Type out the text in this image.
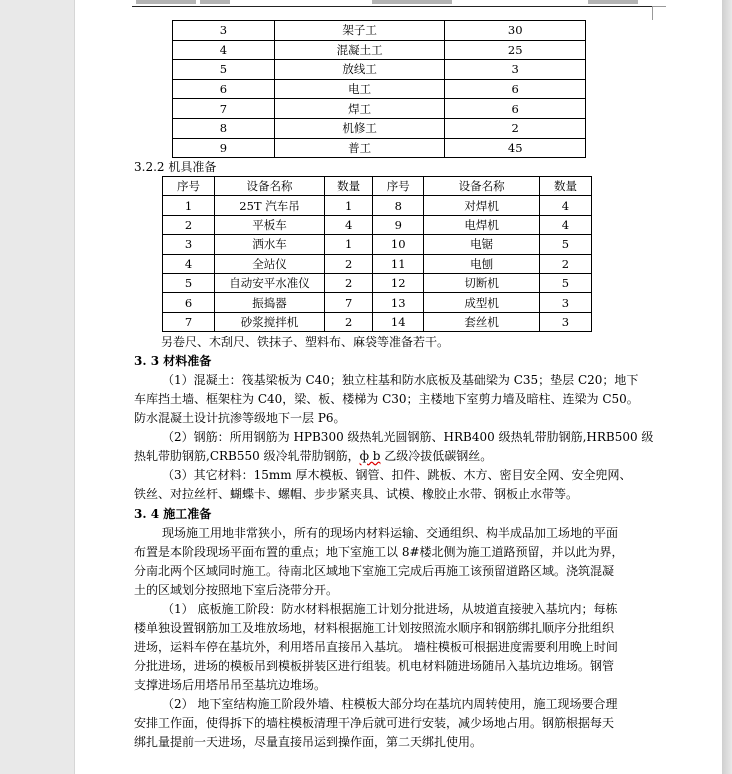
3	架子工	30
4	混凝土工	25
5	放线工	3
6	电工	6
7	焊工	6
8	机修工	2
9	普工	45
3.2.2 机具准备
序号	设备名称	数量	序号	设备名称	数量
1	25T 汽车吊	1	8	对焊机	4
2	平板车	4	9	电焊机	4
3	洒水车	1	10	电锯	5
4	全站仪	2	11	电刨	2
5	自动安平水准仪	2	12	切断机	5
6	振捣器	7	13	成型机	3
7	砂浆搅拌机	2	14	套丝机	3
另卷尺、木刮尺、铁抹子、塑料布、麻袋等准备若干。
3. 3 材料准备
（1）混凝土：筏基梁板为 C40；独立柱基和防水底板及基础梁为 C35；垫层 C20；地下
车库挡土墙、框架柱为 C40，梁、板、楼梯为 C30；主楼地下室剪力墙及暗柱、连梁为 C50。
防水混凝土设计抗渗等级地下一层 P6。
（2）钢筋：所用钢筋为 HPB300 级热轧光圆钢筋、HRB400 级热轧带肋钢筋,HRB500 级
热轧带肋钢筋,CRB550 级冷轧带肋钢筋，ф b 乙级冷拔低碳钢丝。
（3）其它材料：15mm 厚木模板、钢管、扣件、跳板、木方、密目安全网、安全兜网、
铁丝、对拉丝杆、蝴蝶卡、螺帽、步步紧夹具、试模、橡胶止水带、钢板止水带等。
3. 4 施工准备
现场施工用地非常狭小，所有的现场内材料运输、交通组织、构半成品加工场地的平面
布置是本阶段现场平面布置的重点；地下室施工以 8#楼北侧为施工道路预留，并以此为界，
分南北两个区域同时施工。待南北区域地下室施工完成后再施工该预留道路区域。浇筑混凝
土的区域划分按照地下室后浇带分开。
（1） 底板施工阶段：防水材料根据施工计划分批进场，从坡道直接驶入基坑内；每栋
楼单独设置钢筋加工及堆放场地，材料根据施工计划按照流水顺序和钢筋绑扎顺序分批组织
进场，运料车停在基坑外，利用塔吊直接吊入基坑。 墙柱模板可根据进度需要利用晚上时间
分批进场，进场的模板吊到模板拼装区进行组装。机电材料随进场随吊入基坑边堆场。钢管
支撑进场后用塔吊吊至基坑边堆场。
（2） 地下室结构施工阶段外墙、柱模板大部分均在基坑内周转使用，施工现场要合理
安排工作面，使得拆下的墙柱模板清理干净后就可进行安装，减少场地占用。钢筋根据每天
绑扎量提前一天进场，尽量直接吊运到操作面，第二天绑扎使用。
